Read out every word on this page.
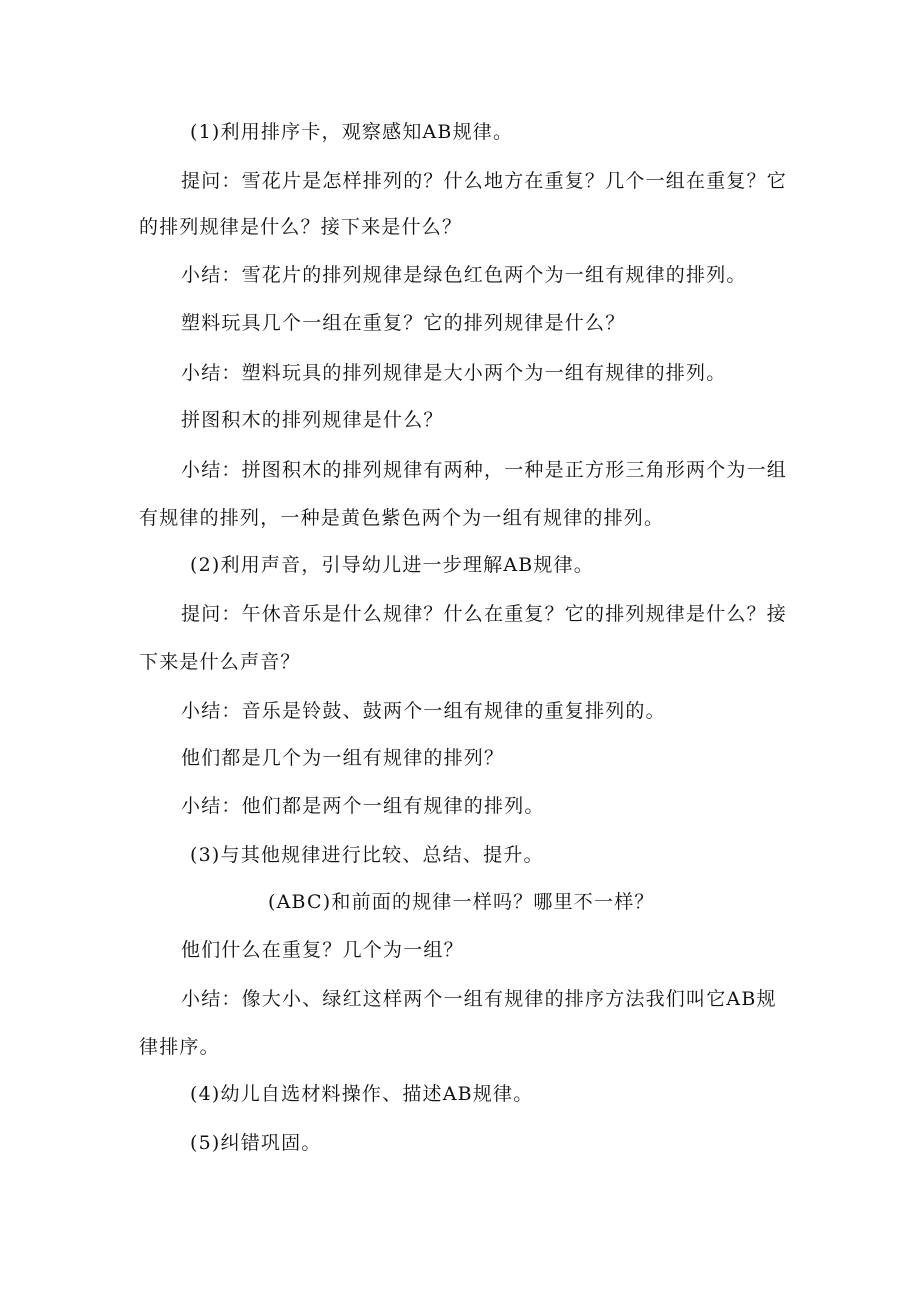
(1)利用排序卡，观察感知AB规律。
提问：雪花片是怎样排列的？什么地方在重复？几个一组在重复？它
的排列规律是什么？接下来是什么？
小结：雪花片的排列规律是绿色红色两个为一组有规律的排列。
塑料玩具几个一组在重复？它的排列规律是什么？
小结：塑料玩具的排列规律是大小两个为一组有规律的排列。
拼图积木的排列规律是什么？
小结：拼图积木的排列规律有两种，一种是正方形三角形两个为一组
有规律的排列，一种是黄色紫色两个为一组有规律的排列。
(2)利用声音，引导幼儿进一步理解AB规律。
提问：午休音乐是什么规律？什么在重复？它的排列规律是什么？接
下来是什么声音？
小结：音乐是铃鼓、鼓两个一组有规律的重复排列的。
他们都是几个为一组有规律的排列？
小结：他们都是两个一组有规律的排列。
(3)与其他规律进行比较、总结、提升。
(ABC)和前面的规律一样吗？哪里不一样？
他们什么在重复？几个为一组？
小结：像大小、绿红这样两个一组有规律的排序方法我们叫它AB规
律排序。
(4)幼儿自选材料操作、描述AB规律。
(5)纠错巩固。
